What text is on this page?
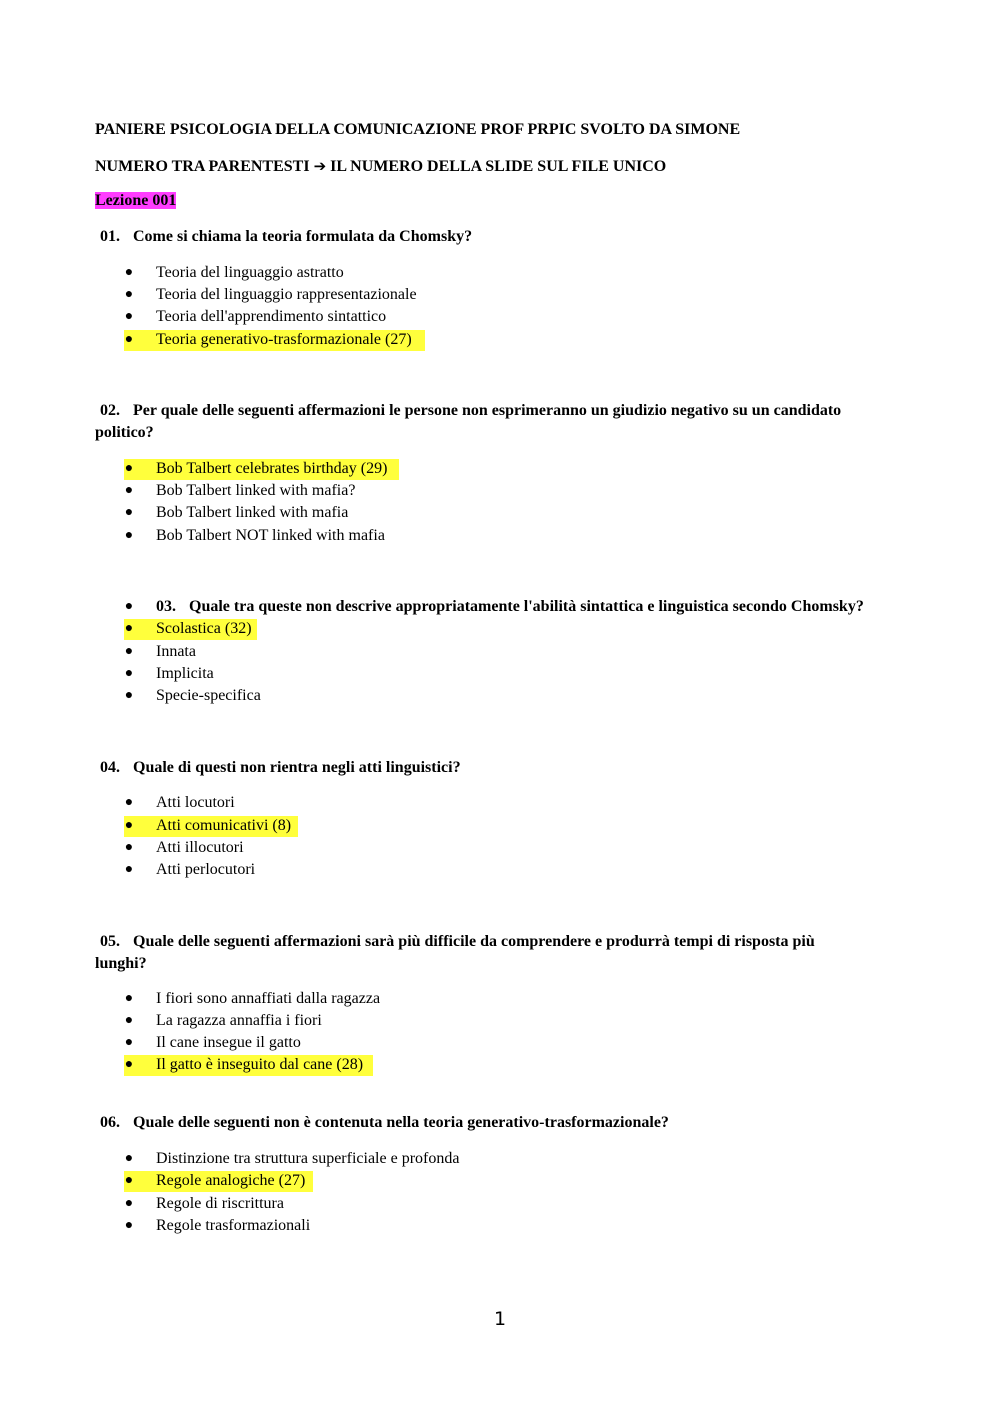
PANIERE PSICOLOGIA DELLA COMUNICAZIONE PROF PRPIC SVOLTO DA SIMONE
NUMERO TRA PARENTESTI ➔ IL NUMERO DELLA SLIDE SUL FILE UNICO
Lezione 001
01. Come si chiama la teoria formulata da Chomsky?
● Teoria del linguaggio astratto
● Teoria del linguaggio rappresentazionale
● Teoria dell'apprendimento sintattico
● Teoria generativo-trasformazionale (27)
02. Per quale delle seguenti affermazioni le persone non esprimeranno un giudizio negativo su un candidato
politico?
● Bob Talbert celebrates birthday (29)
● Bob Talbert linked with mafia?
● Bob Talbert linked with mafia
● Bob Talbert NOT linked with mafia
● 03. Quale tra queste non descrive appropriatamente l'abilità sintattica e linguistica secondo Chomsky?
● Scolastica (32)
● Innata
● Implicita
● Specie-specifica
04. Quale di questi non rientra negli atti linguistici?
● Atti locutori
● Atti comunicativi (8)
● Atti illocutori
● Atti perlocutori
05. Quale delle seguenti affermazioni sarà più difficile da comprendere e produrrà tempi di risposta più
lunghi?
● I fiori sono annaffiati dalla ragazza
● La ragazza annaffia i fiori
● Il cane insegue il gatto
● Il gatto è inseguito dal cane (28)
06. Quale delle seguenti non è contenuta nella teoria generativo-trasformazionale?
● Distinzione tra struttura superficiale e profonda
● Regole analogiche (27)
● Regole di riscrittura
● Regole trasformazionali
1
